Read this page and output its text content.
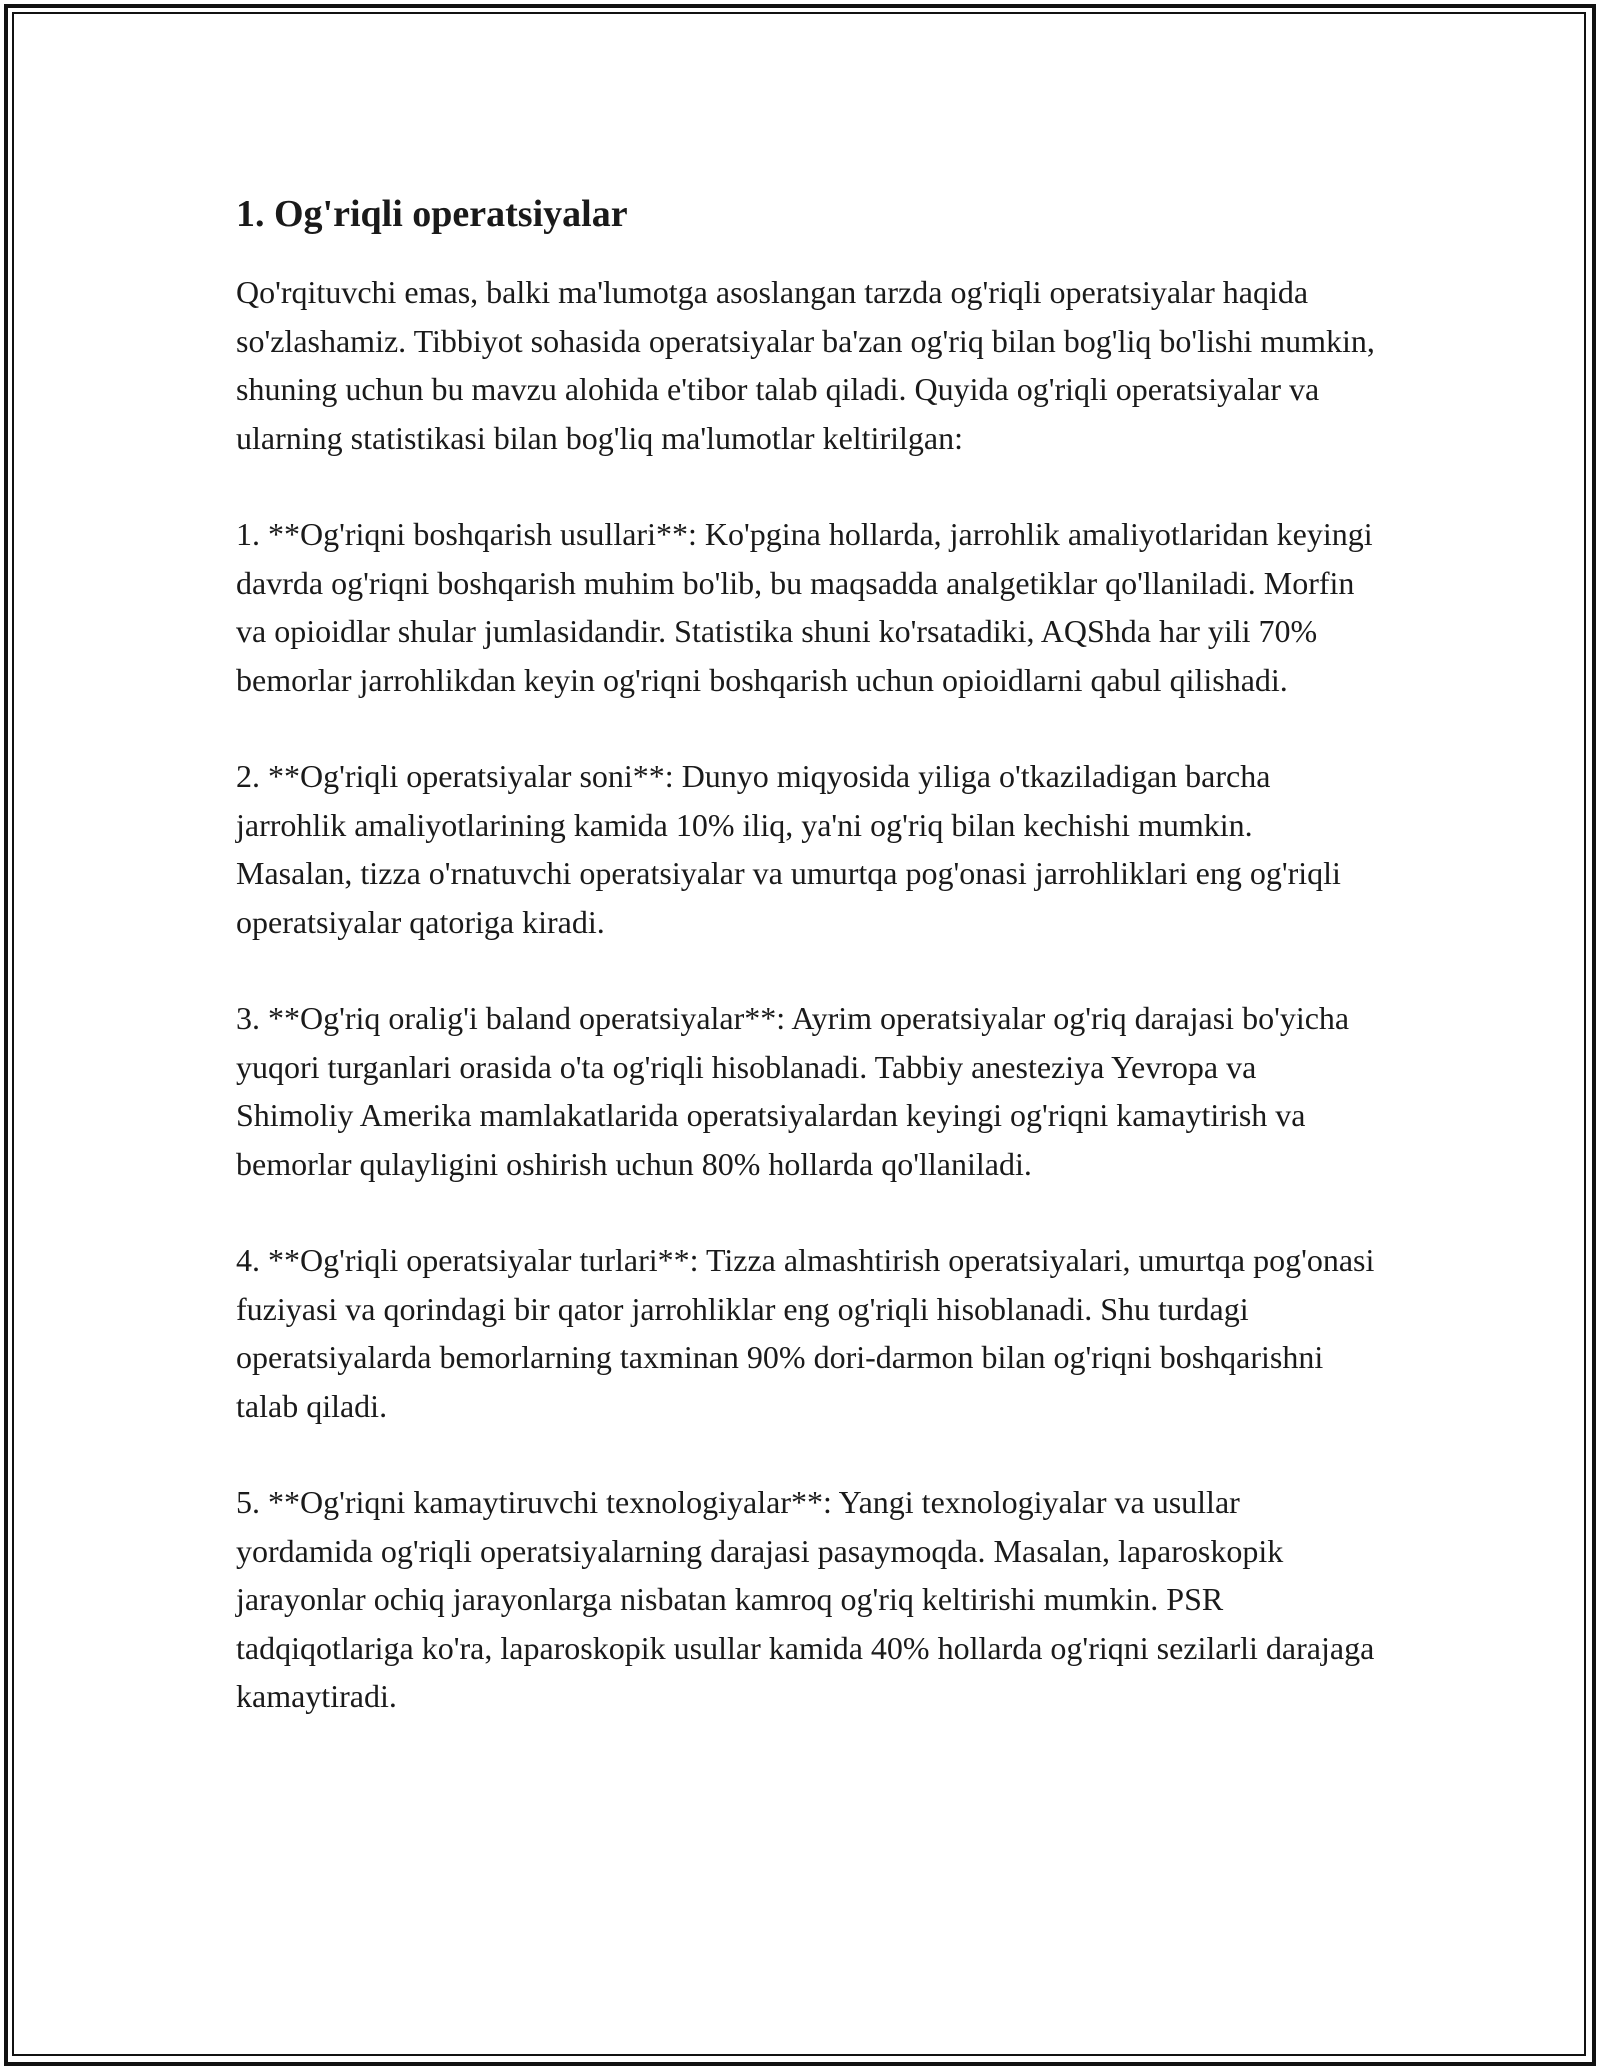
1. Og'riqli operatsiyalar

Qo'rqituvchi emas, balki ma'lumotga asoslangan tarzda og'riqli operatsiyalar haqida so'zlashamiz. Tibbiyot sohasida operatsiyalar ba'zan og'riq bilan bog'liq bo'lishi mumkin, shuning uchun bu mavzu alohida e'tibor talab qiladi. Quyida og'riqli operatsiyalar va ularning statistikasi bilan bog'liq ma'lumotlar keltirilgan:

1. **Og'riqni boshqarish usullari**: Ko'pgina hollarda, jarrohlik amaliyotlaridan keyingi davrda og'riqni boshqarish muhim bo'lib, bu maqsadda analgetiklar qo'llaniladi. Morfin va opioidlar shular jumlasidandir. Statistika shuni ko'rsatadiki, AQShda har yili 70% bemorlar jarrohlikdan keyin og'riqni boshqarish uchun opioidlarni qabul qilishadi.

2. **Og'riqli operatsiyalar soni**: Dunyo miqyosida yiliga o'tkaziladigan barcha jarrohlik amaliyotlarining kamida 10% iliq, ya'ni og'riq bilan kechishi mumkin. Masalan, tizza o'rnatuvchi operatsiyalar va umurtqa pog'onasi jarrohliklari eng og'riqli operatsiyalar qatoriga kiradi.

3. **Og'riq oralig'i baland operatsiyalar**: Ayrim operatsiyalar og'riq darajasi bo'yicha yuqori turganlari orasida o'ta og'riqli hisoblanadi. Tabbiy anesteziya Yevropa va Shimoliy Amerika mamlakatlarida operatsiyalardan keyingi og'riqni kamaytirish va bemorlar qulayligini oshirish uchun 80% hollarda qo'llaniladi.

4. **Og'riqli operatsiyalar turlari**: Tizza almashtirish operatsiyalari, umurtqa pog'onasi fuziyasi va qorindagi bir qator jarrohliklar eng og'riqli hisoblanadi. Shu turdagi operatsiyalarda bemorlarning taxminan 90% dori-darmon bilan og'riqni boshqarishni talab qiladi.

5. **Og'riqni kamaytiruvchi texnologiyalar**: Yangi texnologiyalar va usullar yordamida og'riqli operatsiyalarning darajasi pasaymoqda. Masalan, laparoskopik jarayonlar ochiq jarayonlarga nisbatan kamroq og'riq keltirishi mumkin. PSR tadqiqotlariga ko'ra, laparoskopik usullar kamida 40% hollarda og'riqni sezilarli darajaga kamaytiradi.
